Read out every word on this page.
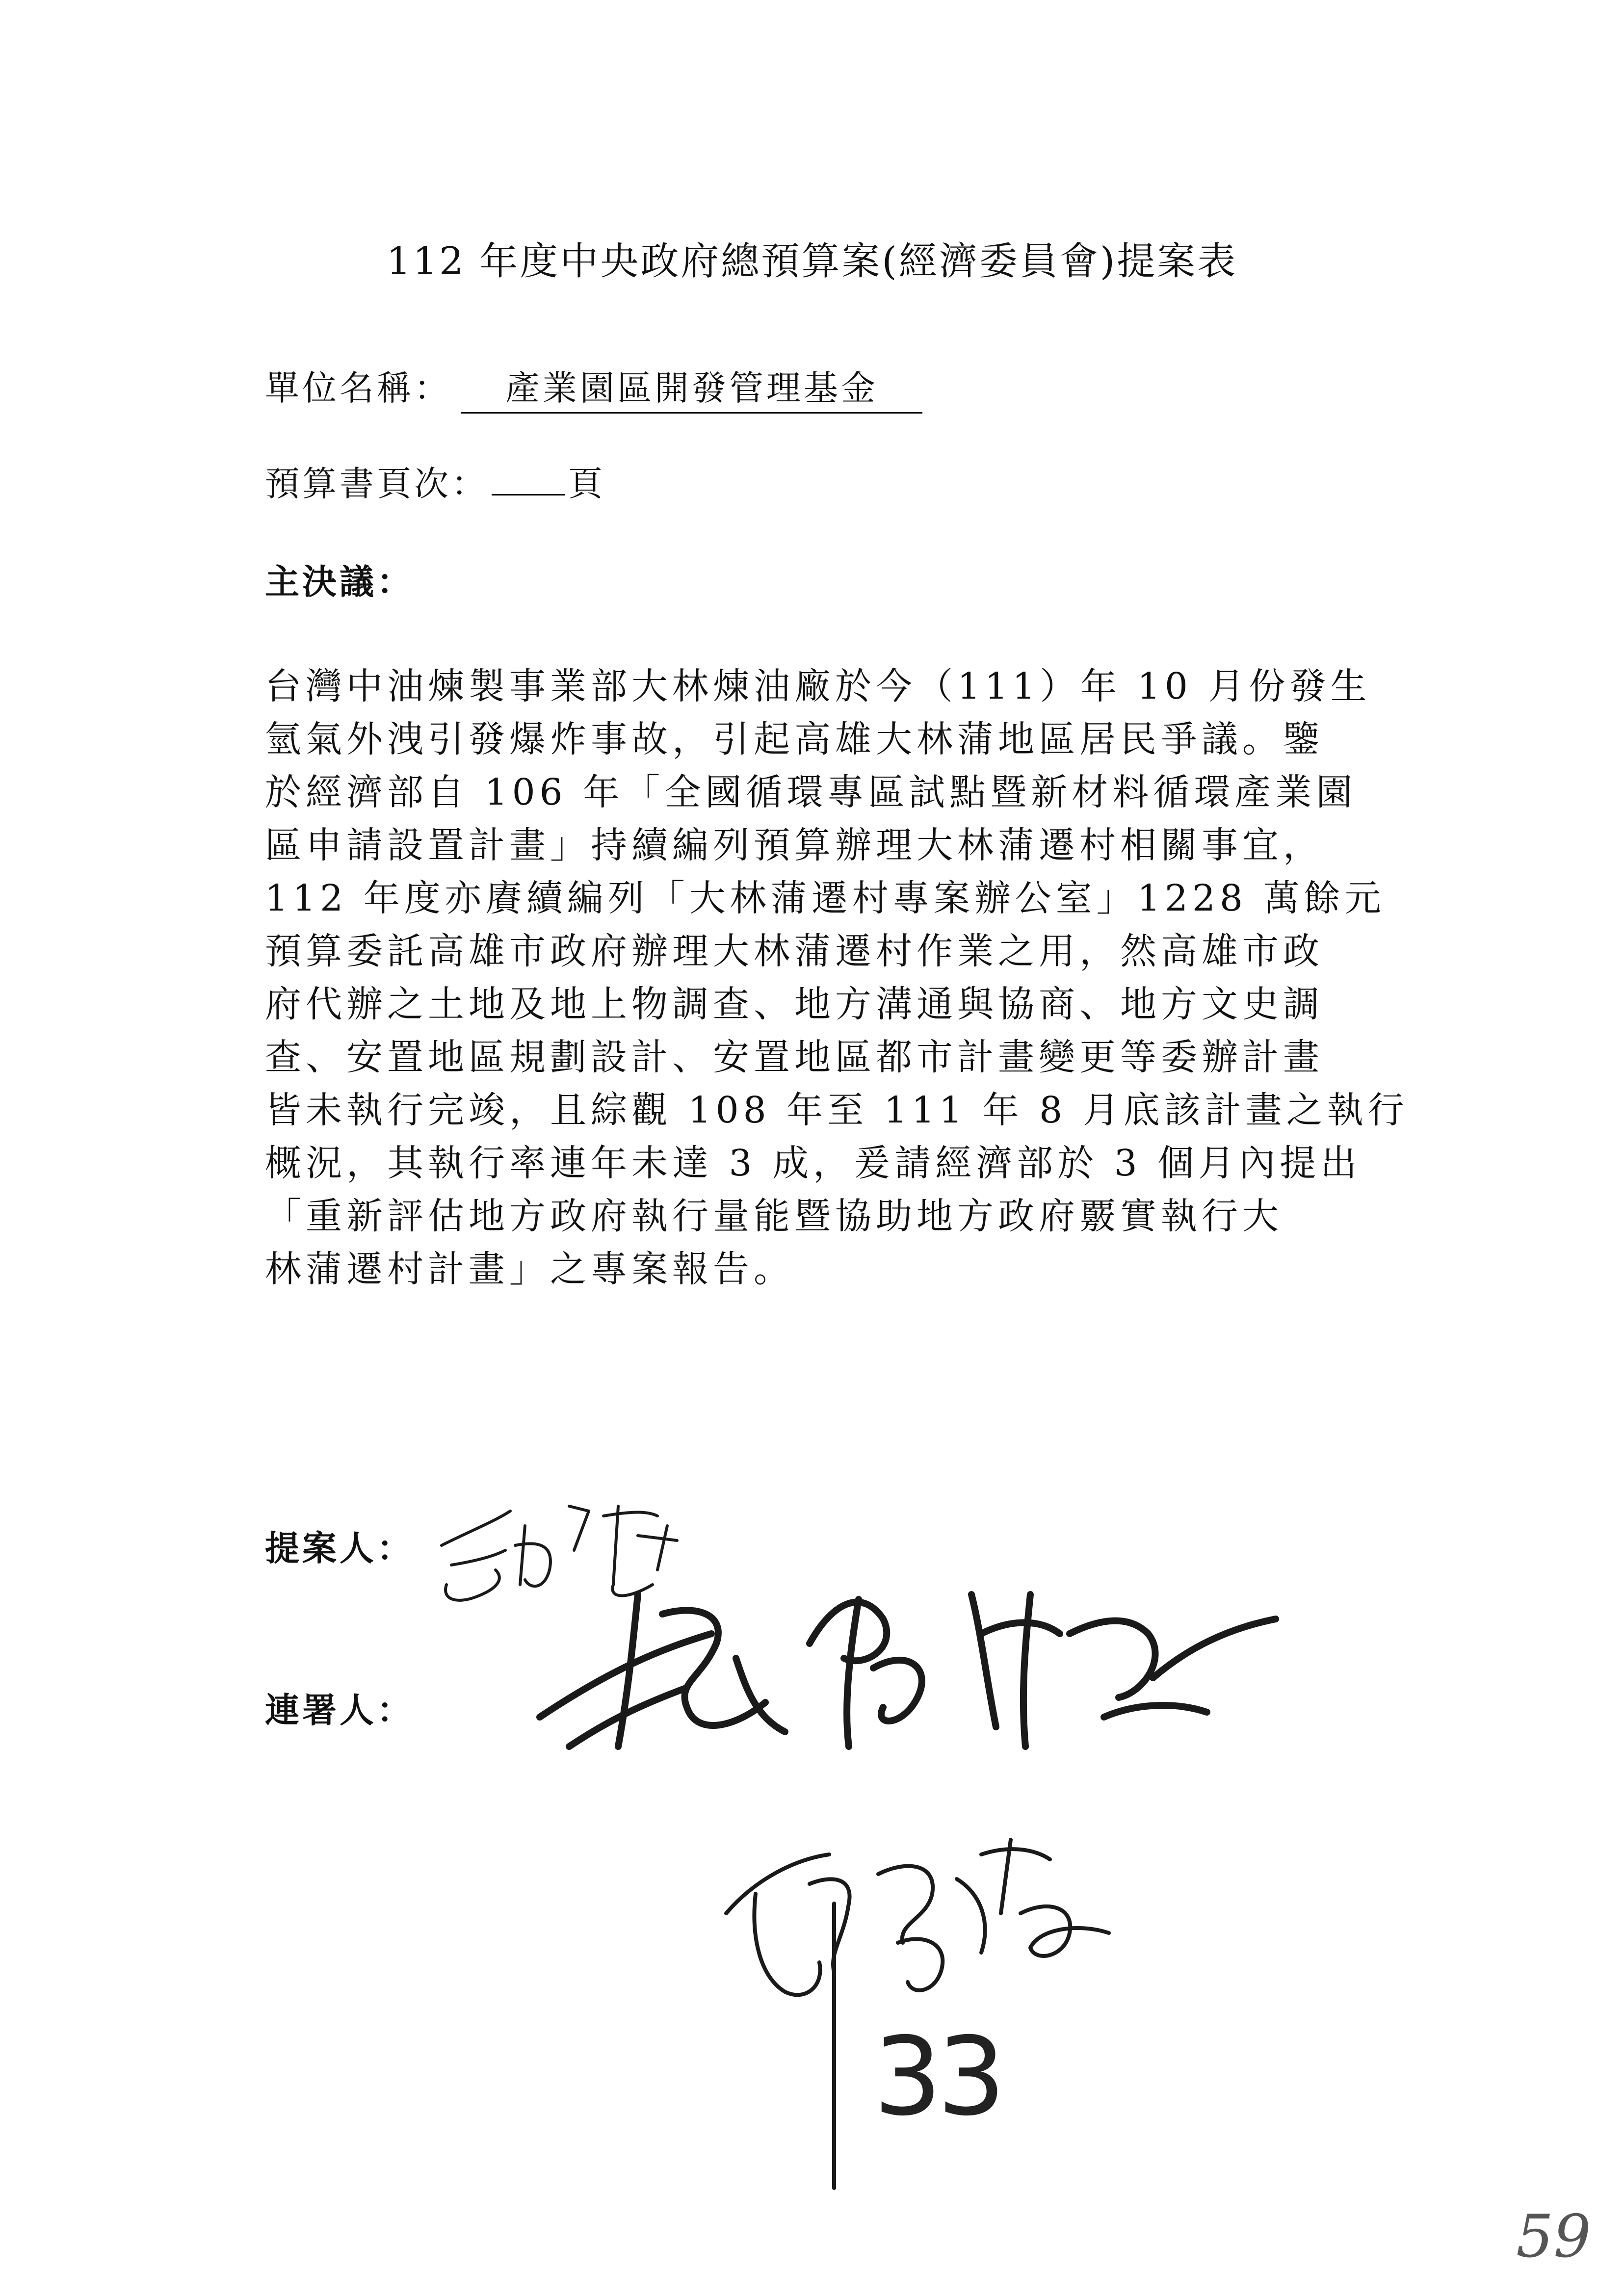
112 年度中央政府總預算案(經濟委員會)提案表
單位名稱： 產業園區開發管理基金
預算書頁次： 頁
主決議：
台灣中油煉製事業部大林煉油廠於今（111）年 10 月份發生
氫氣外洩引發爆炸事故，引起高雄大林蒲地區居民爭議。鑒
於經濟部自 106 年「全國循環專區試點暨新材料循環產業園
區申請設置計畫」持續編列預算辦理大林蒲遷村相關事宜，
112 年度亦賡續編列「大林蒲遷村專案辦公室」1228 萬餘元
預算委託高雄市政府辦理大林蒲遷村作業之用，然高雄市政
府代辦之土地及地上物調查、地方溝通與協商、地方文史調
查、安置地區規劃設計、安置地區都市計畫變更等委辦計畫
皆未執行完竣，且綜觀 108 年至 111 年 8 月底該計畫之執行
概況，其執行率連年未達 3 成，爰請經濟部於 3 個月內提出
「重新評估地方政府執行量能暨協助地方政府覈實執行大
林蒲遷村計畫」之專案報告。
提案人：
連署人：
33
59
